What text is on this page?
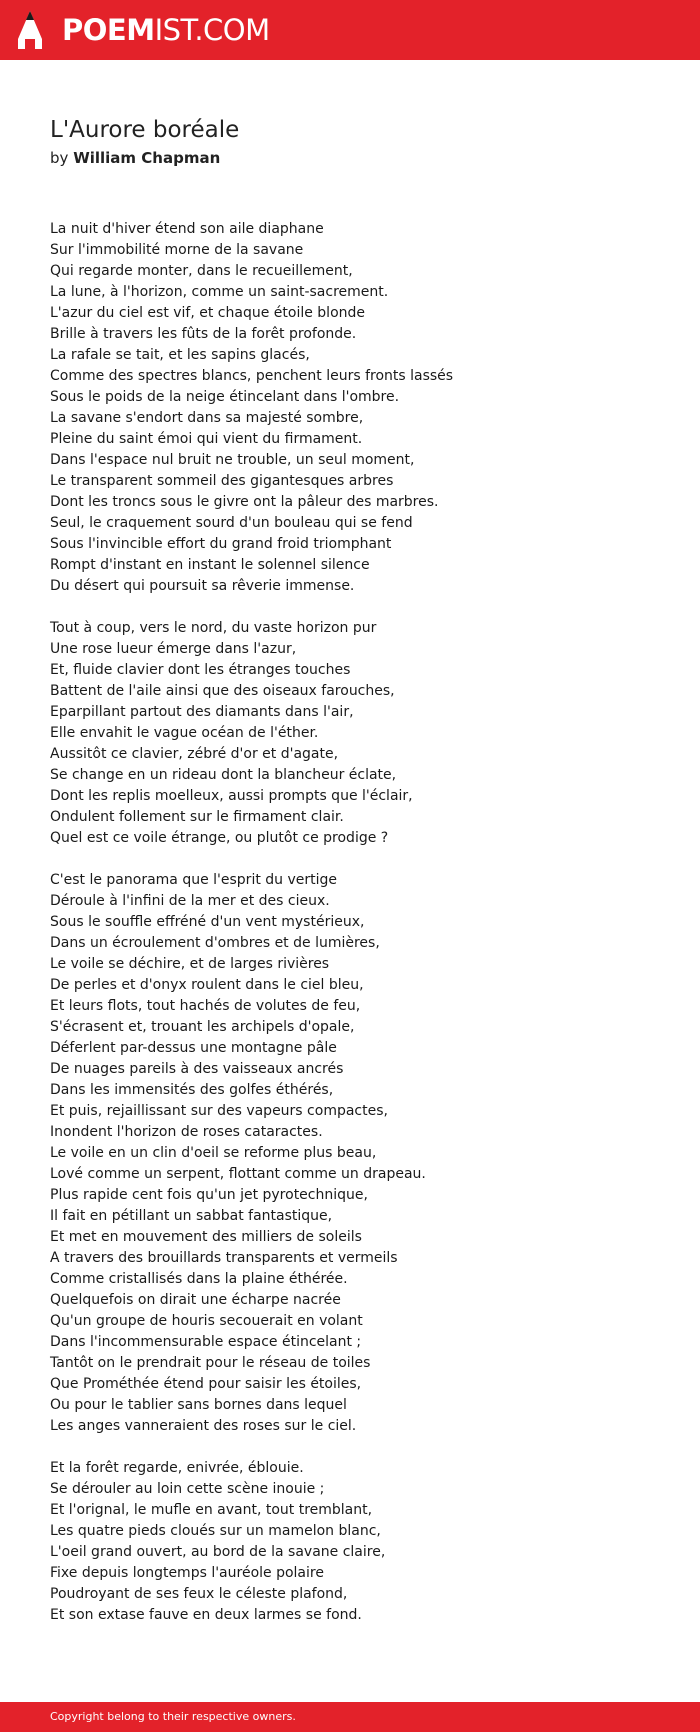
POEMIST.COM
L'Aurore boréale
by William Chapman
La nuit d'hiver étend son aile diaphane
Sur l'immobilité morne de la savane
Qui regarde monter, dans le recueillement,
La lune, à l'horizon, comme un saint-sacrement.
L'azur du ciel est vif, et chaque étoile blonde
Brille à travers les fûts de la forêt profonde.
La rafale se tait, et les sapins glacés,
Comme des spectres blancs, penchent leurs fronts lassés
Sous le poids de la neige étincelant dans l'ombre.
La savane s'endort dans sa majesté sombre,
Pleine du saint émoi qui vient du firmament.
Dans l'espace nul bruit ne trouble, un seul moment,
Le transparent sommeil des gigantesques arbres
Dont les troncs sous le givre ont la pâleur des marbres.
Seul, le craquement sourd d'un bouleau qui se fend
Sous l'invincible effort du grand froid triomphant
Rompt d'instant en instant le solennel silence
Du désert qui poursuit sa rêverie immense.
Tout à coup, vers le nord, du vaste horizon pur
Une rose lueur émerge dans l'azur,
Et, fluide clavier dont les étranges touches
Battent de l'aile ainsi que des oiseaux farouches,
Eparpillant partout des diamants dans l'air,
Elle envahit le vague océan de l'éther.
Aussitôt ce clavier, zébré d'or et d'agate,
Se change en un rideau dont la blancheur éclate,
Dont les replis moelleux, aussi prompts que l'éclair,
Ondulent follement sur le firmament clair.
Quel est ce voile étrange, ou plutôt ce prodige ?
C'est le panorama que l'esprit du vertige
Déroule à l'infini de la mer et des cieux.
Sous le souffle effréné d'un vent mystérieux,
Dans un écroulement d'ombres et de lumières,
Le voile se déchire, et de larges rivières
De perles et d'onyx roulent dans le ciel bleu,
Et leurs flots, tout hachés de volutes de feu,
S'écrasent et, trouant les archipels d'opale,
Déferlent par-dessus une montagne pâle
De nuages pareils à des vaisseaux ancrés
Dans les immensités des golfes éthérés,
Et puis, rejaillissant sur des vapeurs compactes,
Inondent l'horizon de roses cataractes.
Le voile en un clin d'oeil se reforme plus beau,
Lové comme un serpent, flottant comme un drapeau.
Plus rapide cent fois qu'un jet pyrotechnique,
Il fait en pétillant un sabbat fantastique,
Et met en mouvement des milliers de soleils
A travers des brouillards transparents et vermeils
Comme cristallisés dans la plaine éthérée.
Quelquefois on dirait une écharpe nacrée
Qu'un groupe de houris secouerait en volant
Dans l'incommensurable espace étincelant ;
Tantôt on le prendrait pour le réseau de toiles
Que Prométhée étend pour saisir les étoiles,
Ou pour le tablier sans bornes dans lequel
Les anges vanneraient des roses sur le ciel.
Et la forêt regarde, enivrée, éblouie.
Se dérouler au loin cette scène inouie ;
Et l'orignal, le mufle en avant, tout tremblant,
Les quatre pieds cloués sur un mamelon blanc,
L'oeil grand ouvert, au bord de la savane claire,
Fixe depuis longtemps l'auréole polaire
Poudroyant de ses feux le céleste plafond,
Et son extase fauve en deux larmes se fond.
Copyright belong to their respective owners.
